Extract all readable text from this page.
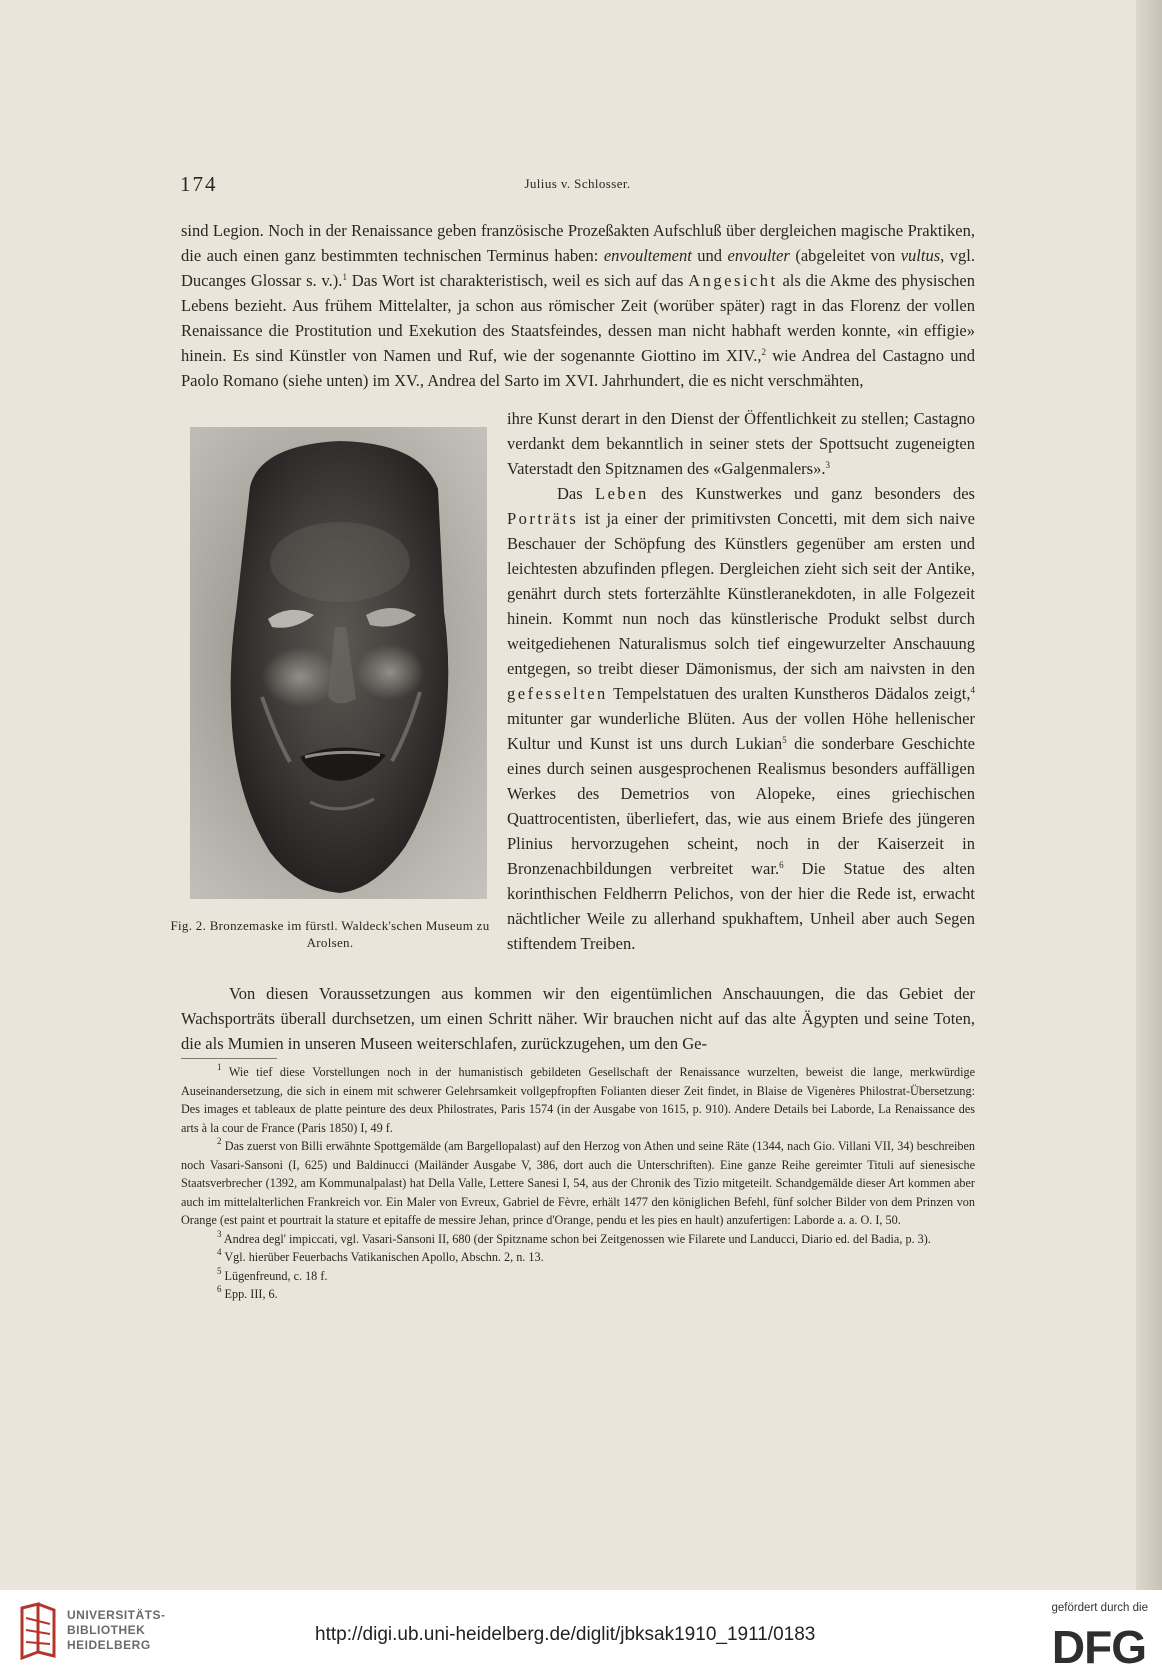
174	Julius v. Schlosser.

sind Legion. Noch in der Renaissance geben französische Prozeßakten Aufschluß über dergleichen magische Praktiken, die auch einen ganz bestimmten technischen Terminus haben: envoultement und envoulter (abgeleitet von vultus, vgl. Ducanges Glossar s. v.).$^1$ Das Wort ist charakteristisch, weil es sich auf das Angesicht als die Akme des physischen Lebens bezieht. Aus frühem Mittelalter, ja schon aus römischer Zeit (worüber später) ragt in das Florenz der vollen Renaissance die Prostitution und Exekution des Staatsfeindes, dessen man nicht habhaft werden konnte, «in effigie» hinein. Es sind Künstler von Namen und Ruf, wie der sogenannte Giottino im XIV.,$^2$ wie Andrea del Castagno und Paolo Romano (siehe unten) im XV., Andrea del Sarto im XVI. Jahrhundert, die es nicht verschmähten,

Fig. 2. Bronzemaske im fürstl. Waldeck'schen Museum zu Arolsen.

ihre Kunst derart in den Dienst der Öffentlichkeit zu stellen; Castagno verdankt dem bekanntlich in seiner stets der Spottsucht zugeneigten Vaterstadt den Spitznamen des «Galgenmalers».$^3$

Das Leben des Kunstwerkes und ganz besonders des Porträts ist ja einer der primitivsten Concetti, mit dem sich naive Beschauer der Schöpfung des Künstlers gegenüber am ersten und leichtesten abzufinden pflegen. Dergleichen zieht sich seit der Antike, genährt durch stets forterzählte Künstleranekdoten, in alle Folgezeit hinein. Kommt nun noch das künstlerische Produkt selbst durch weitgediehenen Naturalismus solch tief eingewurzelter Anschauung entgegen, so treibt dieser Dämonismus, der sich am naivsten in den gefesselten Tempelstatuen des uralten Kunstheros Dädalos zeigt,$^4$ mitunter gar wunderliche Blüten. Aus der vollen Höhe hellenischer Kultur und Kunst ist uns durch Lukian$^5$ die sonderbare Geschichte eines durch seinen ausgesprochenen Realismus besonders auffälligen Werkes des Demetrios von Alopeke, eines griechischen Quattrocentisten, überliefert, das, wie aus einem Briefe des jüngeren Plinius hervorzugehen scheint, noch in der Kaiserzeit in Bronzenachbildungen verbreitet war.$^6$ Die Statue des alten korinthischen Feldherrn Pelichos, von der hier die Rede ist, erwacht nächtlicher Weile zu allerhand spukhaftem, Unheil aber auch Segen stiftendem Treiben.

Von diesen Voraussetzungen aus kommen wir den eigentümlichen Anschauungen, die das Gebiet der Wachsporträts überall durchsetzen, um einen Schritt näher. Wir brauchen nicht auf das alte Ägypten und seine Toten, die als Mumien in unseren Museen weiterschlafen, zurückzugehen, um den Ge-

$^1$ Wie tief diese Vorstellungen noch in der humanistisch gebildeten Gesellschaft der Renaissance wurzelten, beweist die lange, merkwürdige Auseinandersetzung, die sich in einem mit schwerer Gelehrsamkeit vollgepfropften Folianten dieser Zeit findet, in Blaise de Vigenères Philostrat-Übersetzung: Des images et tableaux de platte peinture des deux Philostrates, Paris 1574 (in der Ausgabe von 1615, p. 910). Andere Details bei Laborde, La Renaissance des arts à la cour de France (Paris 1850) I, 49 f.

$^2$ Das zuerst von Billi erwähnte Spottgemälde (am Bargellopalast) auf den Herzog von Athen und seine Räte (1344, nach Gio. Villani VII, 34) beschreiben noch Vasari-Sansoni (I, 625) und Baldinucci (Mailänder Ausgabe V, 386, dort auch die Unterschriften). Eine ganze Reihe gereimter Tituli auf sienesische Staatsverbrecher (1392, am Kommunalpalast) hat Della Valle, Lettere Sanesi I, 54, aus der Chronik des Tizio mitgeteilt. Schandgemälde dieser Art kommen aber auch im mittelalterlichen Frankreich vor. Ein Maler von Evreux, Gabriel de Fèvre, erhält 1477 den königlichen Befehl, fünf solcher Bilder von dem Prinzen von Orange (est paint et pourtrait la stature et epitaffe de messire Jehan, prince d'Orange, pendu et les pies en hault) anzufertigen: Laborde a. a. O. I, 50.

$^3$ Andrea degl' impiccati, vgl. Vasari-Sansoni II, 680 (der Spitzname schon bei Zeitgenossen wie Filarete und Landucci, Diario ed. del Badia, p. 3).

$^4$ Vgl. hierüber Feuerbachs Vatikanischen Apollo, Abschn. 2, n. 13.

$^5$ Lügenfreund, c. 18 f.

$^6$ Epp. III, 6.

UNIVERSITÄTS-
BIBLIOTHEK
HEIDELBERG	http://digi.ub.uni-heidelberg.de/diglit/jbksak1910_1911/0183
gefördert durch die
DFG
